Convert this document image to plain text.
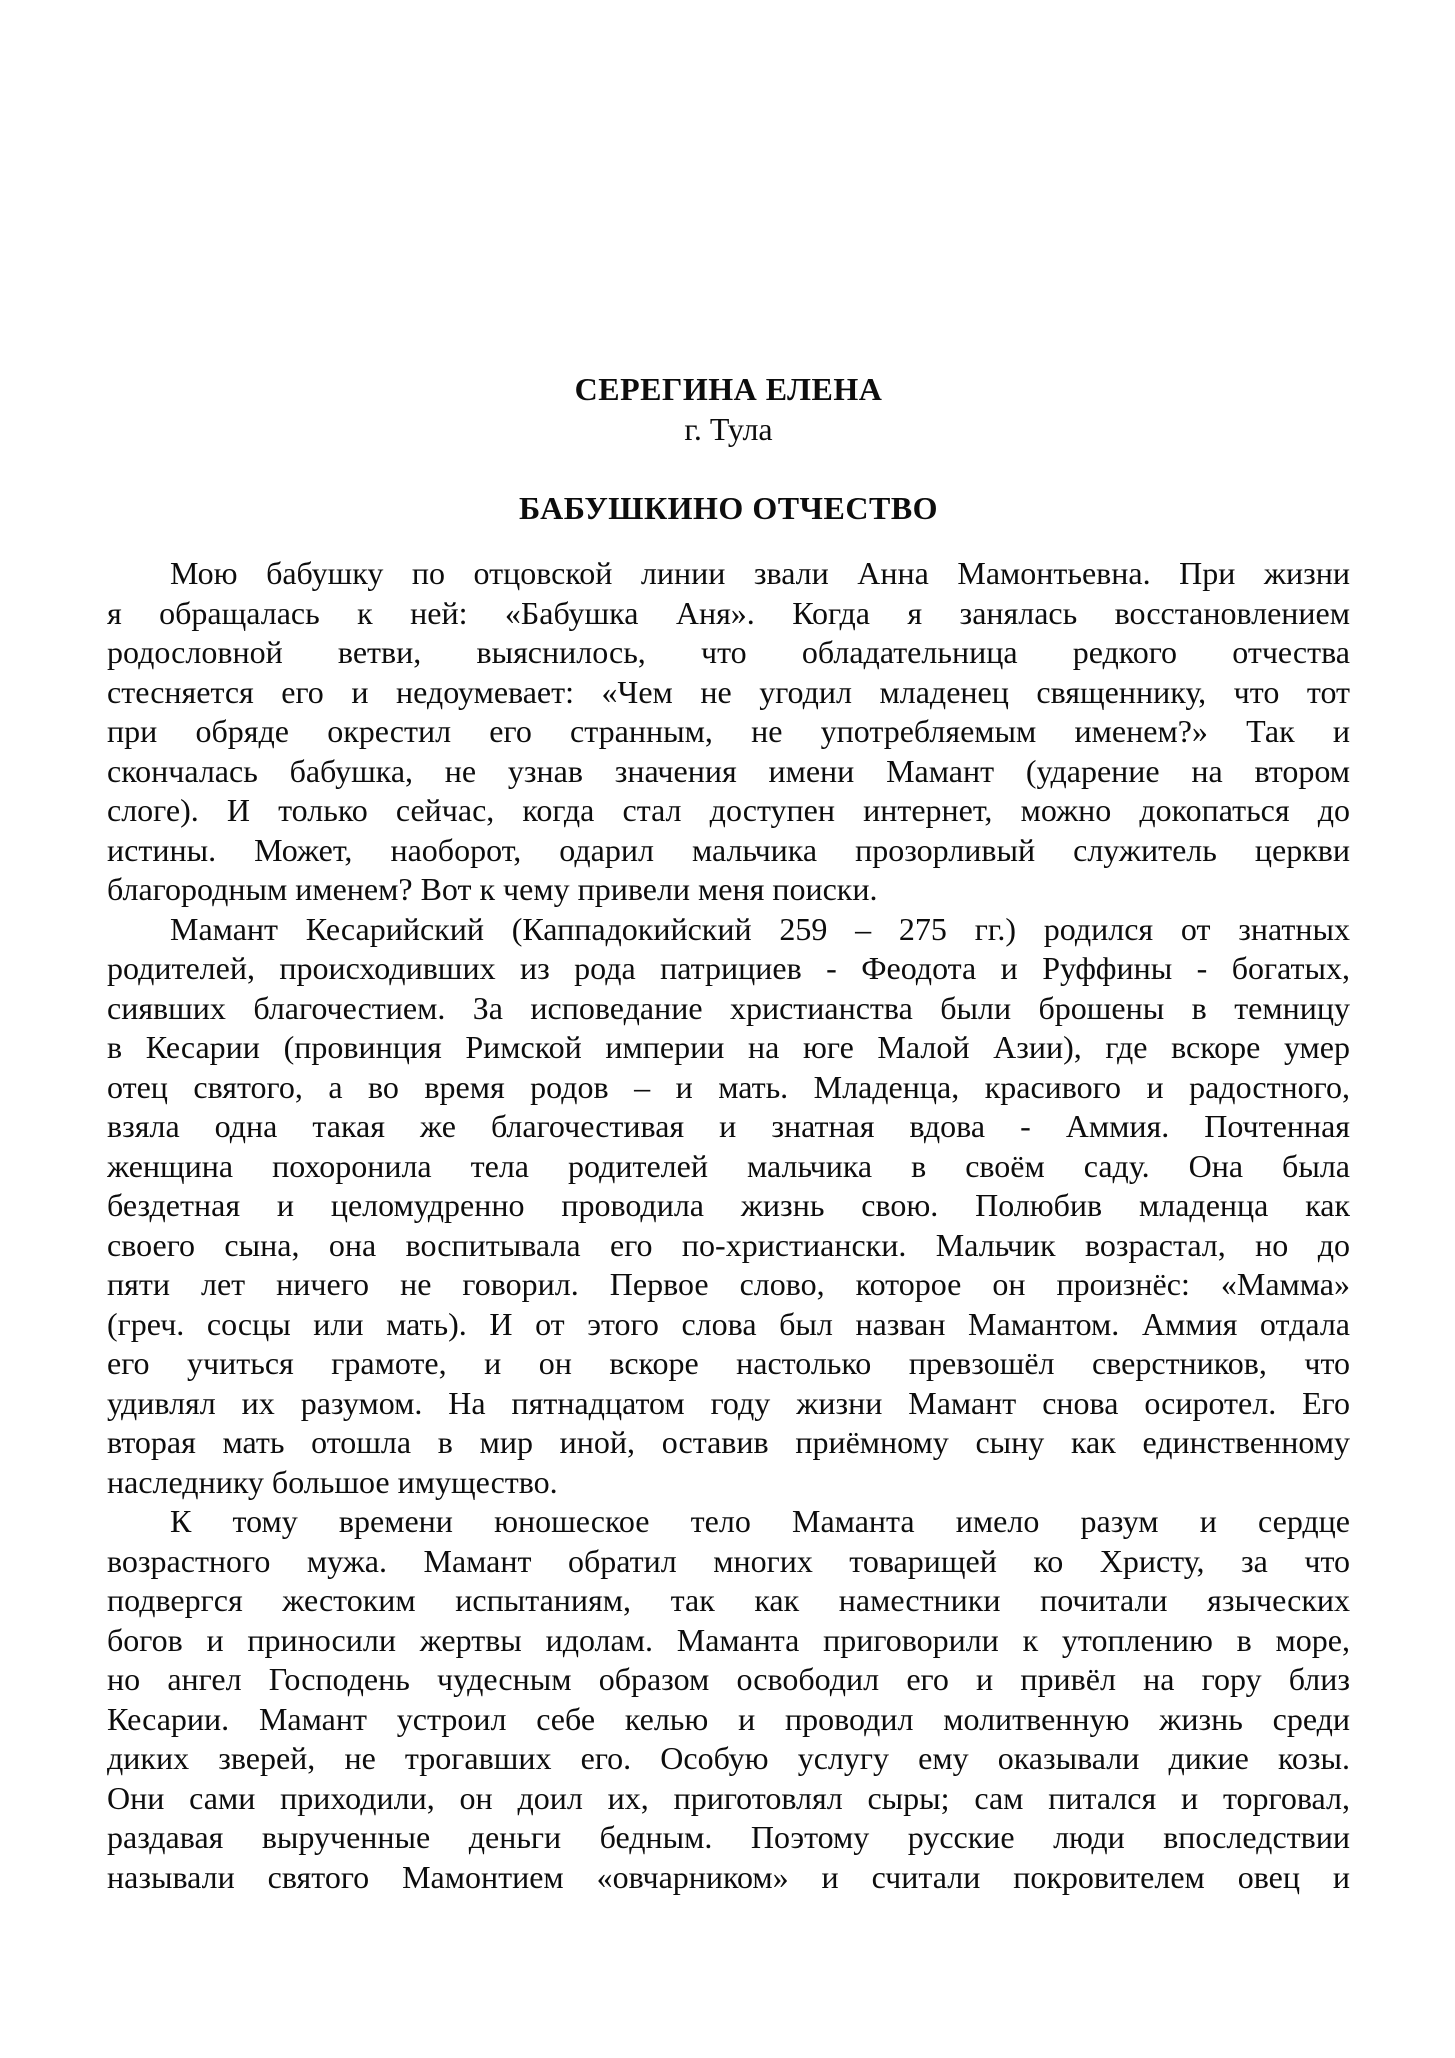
СЕРЕГИНА ЕЛЕНА
г. Тула
БАБУШКИНО ОТЧЕСТВО
Мою бабушку по отцовской линии звали Анна Мамонтьевна. При жизни
я обращалась к ней: «Бабушка Аня». Когда я занялась восстановлением
родословной ветви, выяснилось, что обладательница редкого отчества
стесняется его и недоумевает: «Чем не угодил младенец священнику, что тот
при обряде окрестил его странным, не употребляемым именем?» Так и
скончалась бабушка, не узнав значения имени Мамант (ударение на втором
слоге). И только сейчас, когда стал доступен интернет, можно докопаться до
истины. Может, наоборот, одарил мальчика прозорливый служитель церкви
благородным именем? Вот к чему привели меня поиски.
Мамант Кесарийский (Каппадокийский 259 – 275 гг.) родился от знатных
родителей, происходивших из рода патрициев - Феодота и Руффины - богатых,
сиявших благочестием. За исповедание христианства были брошены в темницу
в Кесарии (провинция Римской империи на юге Малой Азии), где вскоре умер
отец святого, а во время родов – и мать. Младенца, красивого и радостного,
взяла одна такая же благочестивая и знатная вдова - Аммия. Почтенная
женщина похоронила тела родителей мальчика в своём саду. Она была
бездетная и целомудренно проводила жизнь свою. Полюбив младенца как
своего сына, она воспитывала его по-христиански. Мальчик возрастал, но до
пяти лет ничего не говорил. Первое слово, которое он произнёс: «Мамма»
(греч. сосцы или мать). И от этого слова был назван Мамантом. Аммия отдала
его учиться грамоте, и он вскоре настолько превзошёл сверстников, что
удивлял их разумом. На пятнадцатом году жизни Мамант снова осиротел. Его
вторая мать отошла в мир иной, оставив приёмному сыну как единственному
наследнику большое имущество.
К тому времени юношеское тело Маманта имело разум и сердце
возрастного мужа. Мамант обратил многих товарищей ко Христу, за что
подвергся жестоким испытаниям, так как наместники почитали языческих
богов и приносили жертвы идолам. Маманта приговорили к утоплению в море,
но ангел Господень чудесным образом освободил его и привёл на гору близ
Кесарии. Мамант устроил себе келью и проводил молитвенную жизнь среди
диких зверей, не трогавших его. Особую услугу ему оказывали дикие козы.
Они сами приходили, он доил их, приготовлял сыры; сам питался и торговал,
раздавая вырученные деньги бедным. Поэтому русские люди впоследствии
называли святого Мамонтием «овчарником» и считали покровителем овец и
